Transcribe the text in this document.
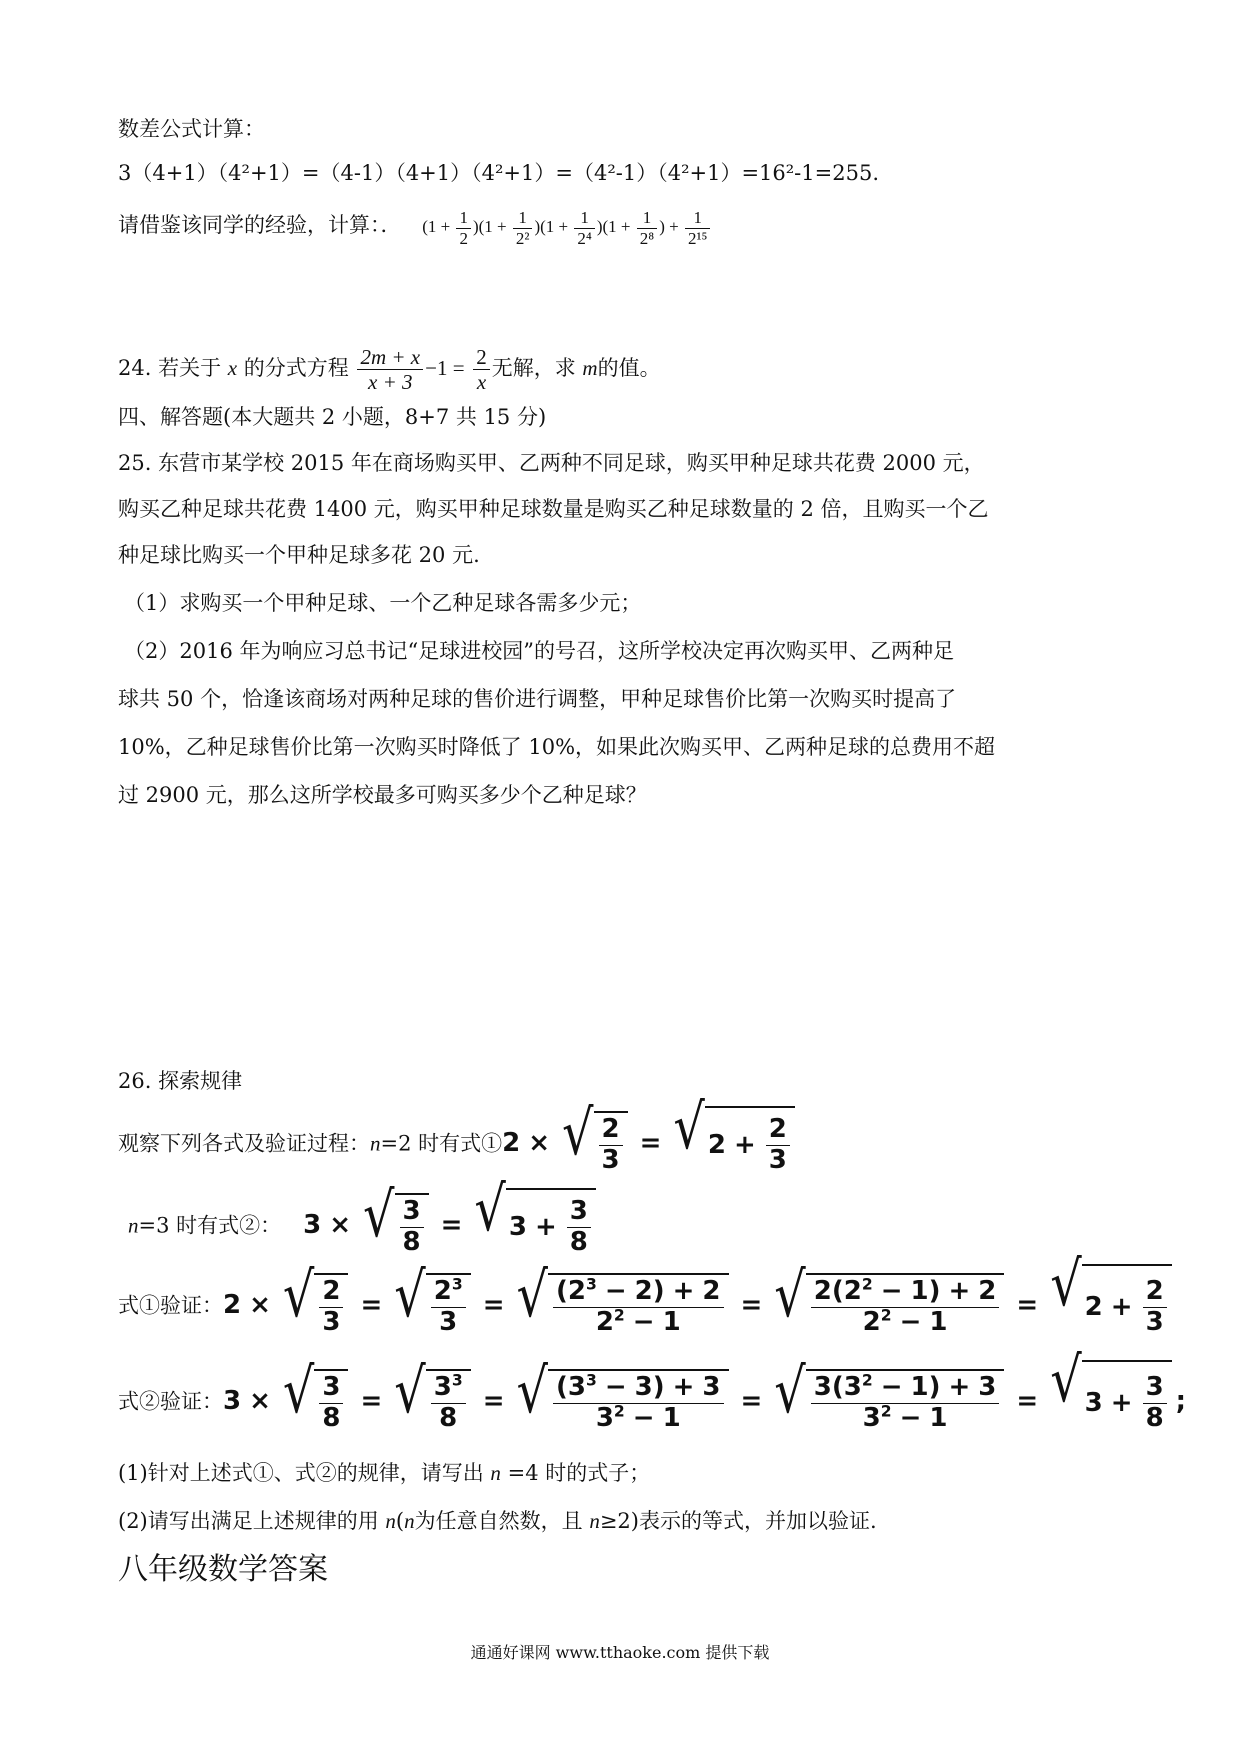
数差公式计算：
3（4+1）（4²+1）=（4-1）（4+1）（4²+1）=（4²-1）（4²+1）=16²-1=255.
请借鉴该同学的经验，计算：． $(1 + \frac{1}{2} )(1 + \frac{1}{\text{2²}} )(1 + \frac{1}{\text{2⁴}} )(1 + \frac{1}{\text{2⁸}}$ ) + $\frac{1}{\text{2¹⁵}}$
24. 若关于 x 的分式方程 $\frac{2m + x}{x + 3} -1 = \frac{2}{x}$ 无解，求 m的值。
四、解答题(本大题共 2 小题，8+7 共 15 分)
25. 东营市某学校 2015 年在商场购买甲、乙两种不同足球，购买甲种足球共花费 2000 元，
购买乙种足球共花费 1400 元，购买甲种足球数量是购买乙种足球数量的 2 倍，且购买一个乙
种足球比购买一个甲种足球多花 20 元.
（1）求购买一个甲种足球、一个乙种足球各需多少元；
（2）2016 年为响应习总书记“足球进校园”的号召，这所学校决定再次购买甲、乙两种足
球共 50 个，恰逢该商场对两种足球的售价进行调整，甲种足球售价比第一次购买时提高了
10%，乙种足球售价比第一次购买时降低了 10%，如果此次购买甲、乙两种足球的总费用不超
过 2900 元，那么这所学校最多可购买多少个乙种足球？
26. 探索规律
观察下列各式及验证过程：n=2 时有式①2 × √ $\frac{2}{3}$ = √ $2 + \frac{2}{3}$
n=3 时有式②： 3 × √ $\frac{3}{8}$ = √ $3 + \frac{3}{8}$
式①验证：2 × √ $\frac{2}{3}$ = √ $\frac{2^3}{3}$ = √ $\frac{(2^3 - 2) + 2}{2^2 - 1}$ = √ $\frac{2(2^2 - 1) + 2}{2^2 - 1}$ = √ $2 + \frac{2}{3}$
式②验证：3 × √ $\frac{3}{8}$ = √ $\frac{3^3}{8}$ = √ $\frac{(3^3 - 3) + 3}{3^2 - 1}$ = √ $\frac{3(3^2 - 1) + 3}{3^2 - 1}$ = √ $3 + \frac{3}{8}$ ;
(1)针对上述式①、式②的规律，请写出 n =4 时的式子；
(2)请写出满足上述规律的用 n(n为任意自然数，且 n≥2)表示的等式，并加以验证.
八年级数学答案
通通好课网 www.tthaoke.com 提供下载
